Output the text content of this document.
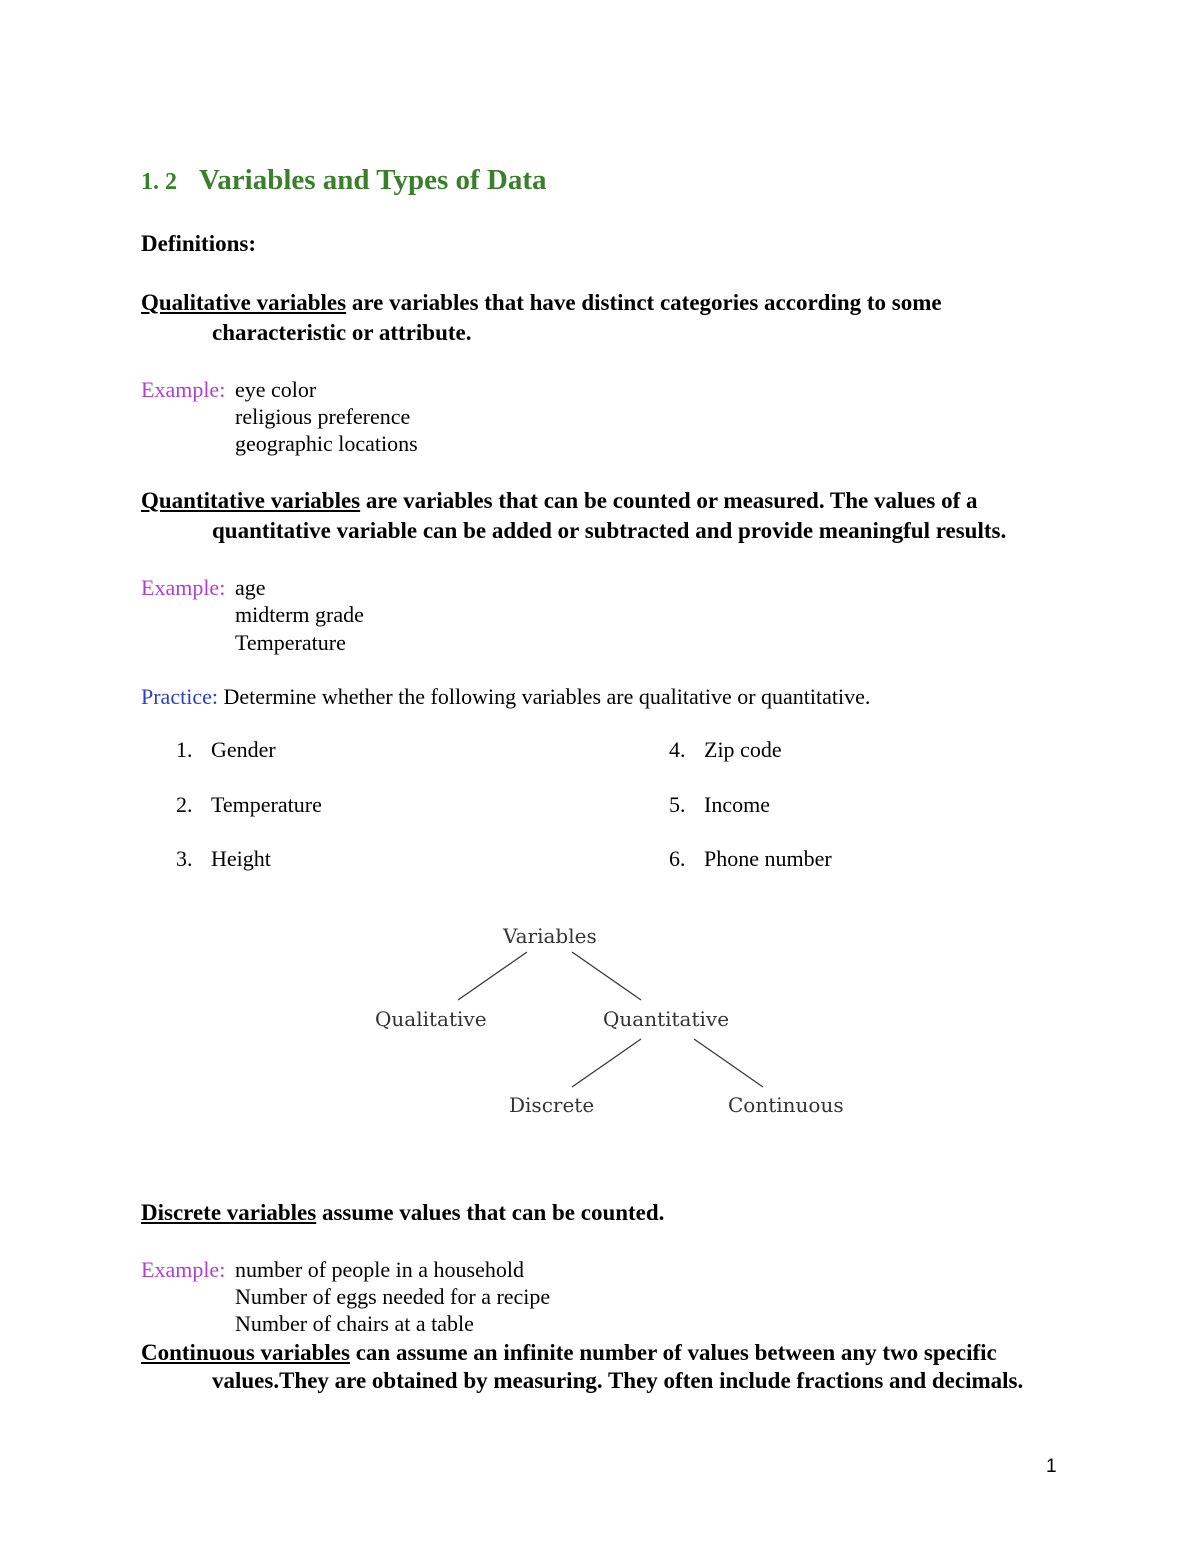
1. 2 Variables and Types of Data
Definitions:
Qualitative variables are variables that have distinct categories according to some
characteristic or attribute.
Example: eye color
religious preference
geographic locations
Quantitative variables are variables that can be counted or measured. The values of a
quantitative variable can be added or subtracted and provide meaningful results.
Example: age
midterm grade
Temperature
Practice: Determine whether the following variables are qualitative or quantitative.
1. Gender
2. Temperature
3. Height
4. Zip code
5. Income
6. Phone number
Variables
Qualitative	Quantitative
Discrete	Continuous
Discrete variables assume values that can be counted.
Example: number of people in a household
Number of eggs needed for a recipe
Number of chairs at a table
Continuous variables can assume an infinite number of values between any two specific
values.They are obtained by measuring. They often include fractions and decimals.
1
